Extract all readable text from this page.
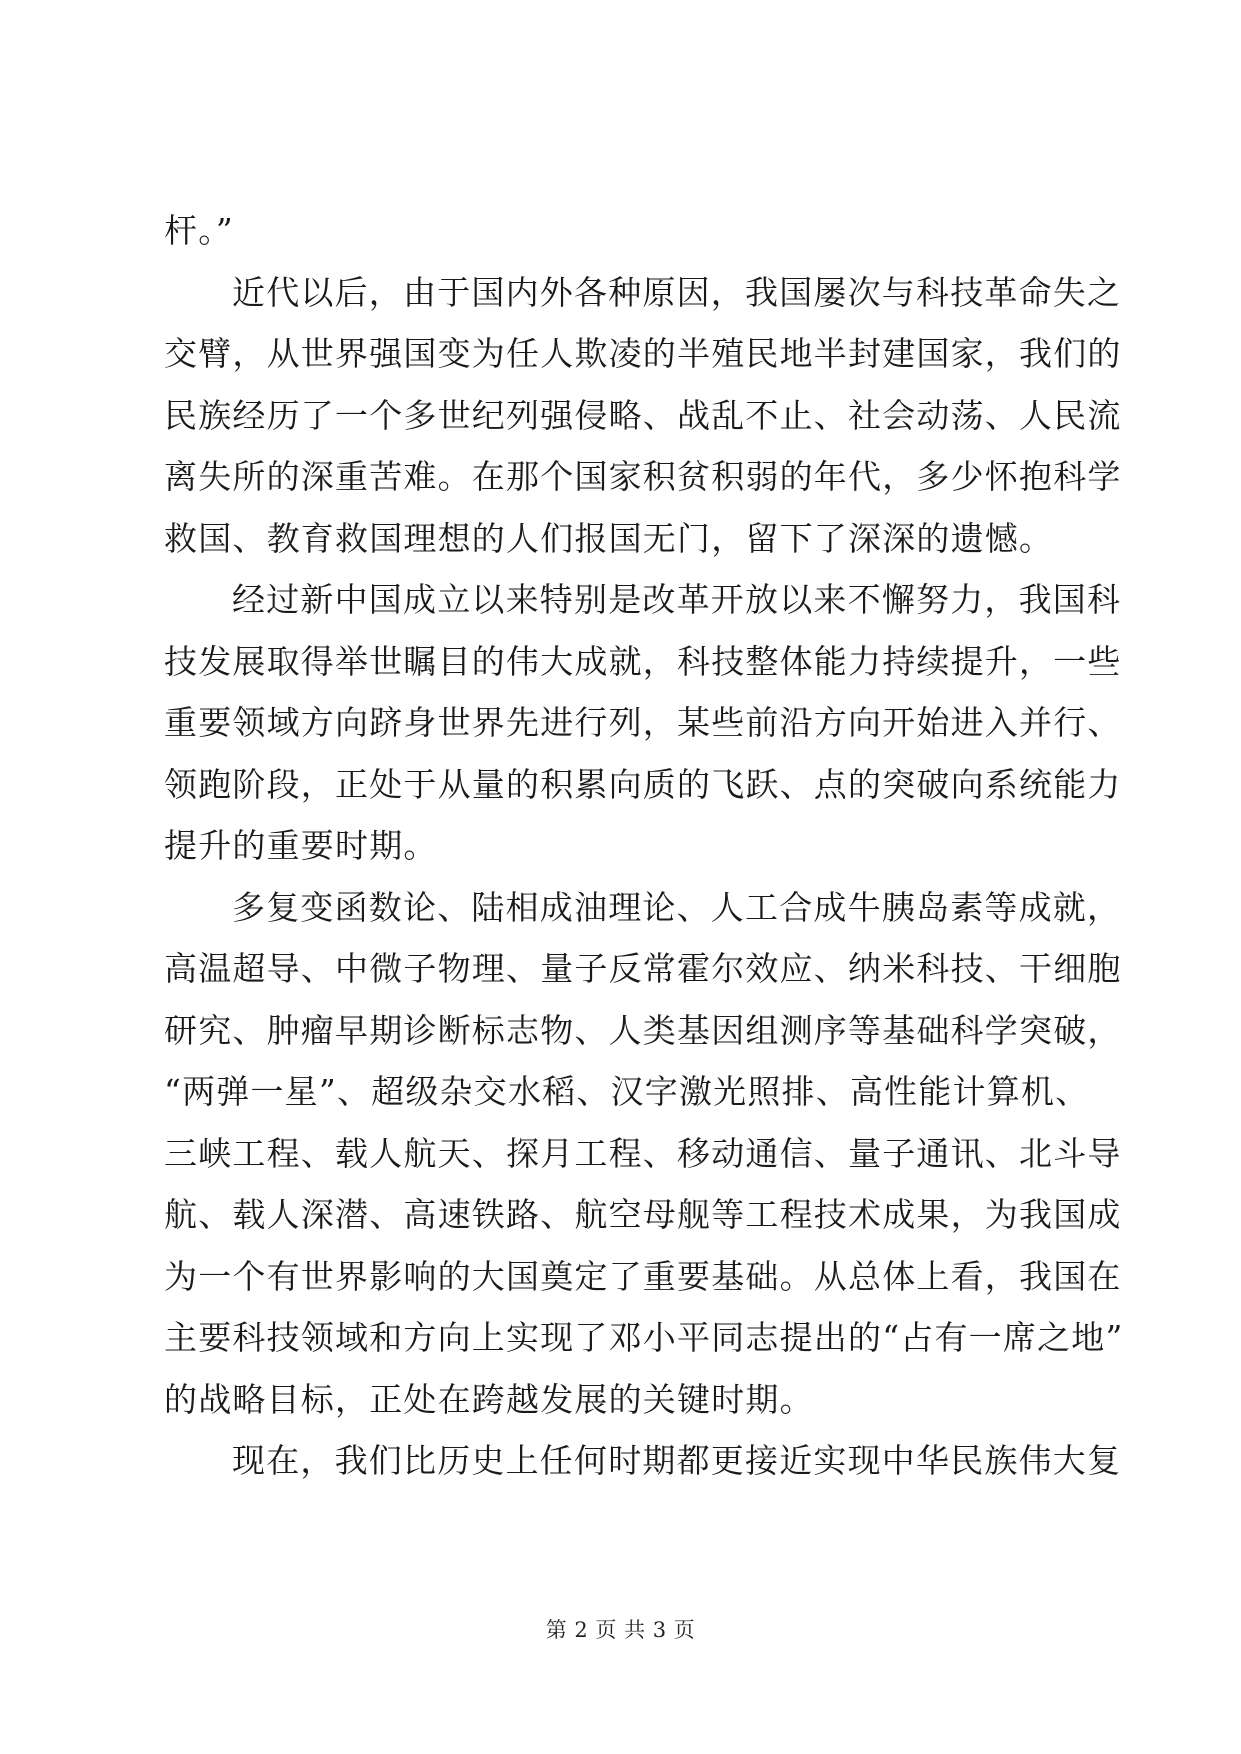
杆。”
近代以后，由于国内外各种原因，我国屡次与科技革命失之
交臂，从世界强国变为任人欺凌的半殖民地半封建国家，我们的
民族经历了一个多世纪列强侵略、战乱不止、社会动荡、人民流
离失所的深重苦难。在那个国家积贫积弱的年代，多少怀抱科学
救国、教育救国理想的人们报国无门，留下了深深的遗憾。
经过新中国成立以来特别是改革开放以来不懈努力，我国科
技发展取得举世瞩目的伟大成就，科技整体能力持续提升，一些
重要领域方向跻身世界先进行列，某些前沿方向开始进入并行、
领跑阶段，正处于从量的积累向质的飞跃、点的突破向系统能力
提升的重要时期。
多复变函数论、陆相成油理论、人工合成牛胰岛素等成就，
高温超导、中微子物理、量子反常霍尔效应、纳米科技、干细胞
研究、肿瘤早期诊断标志物、人类基因组测序等基础科学突破，
“两弹一星”、超级杂交水稻、汉字激光照排、高性能计算机、
三峡工程、载人航天、探月工程、移动通信、量子通讯、北斗导
航、载人深潜、高速铁路、航空母舰等工程技术成果，为我国成
为一个有世界影响的大国奠定了重要基础。从总体上看，我国在
主要科技领域和方向上实现了邓小平同志提出的“占有一席之地”
的战略目标，正处在跨越发展的关键时期。
现在，我们比历史上任何时期都更接近实现中华民族伟大复
第 2 页 共 3 页
